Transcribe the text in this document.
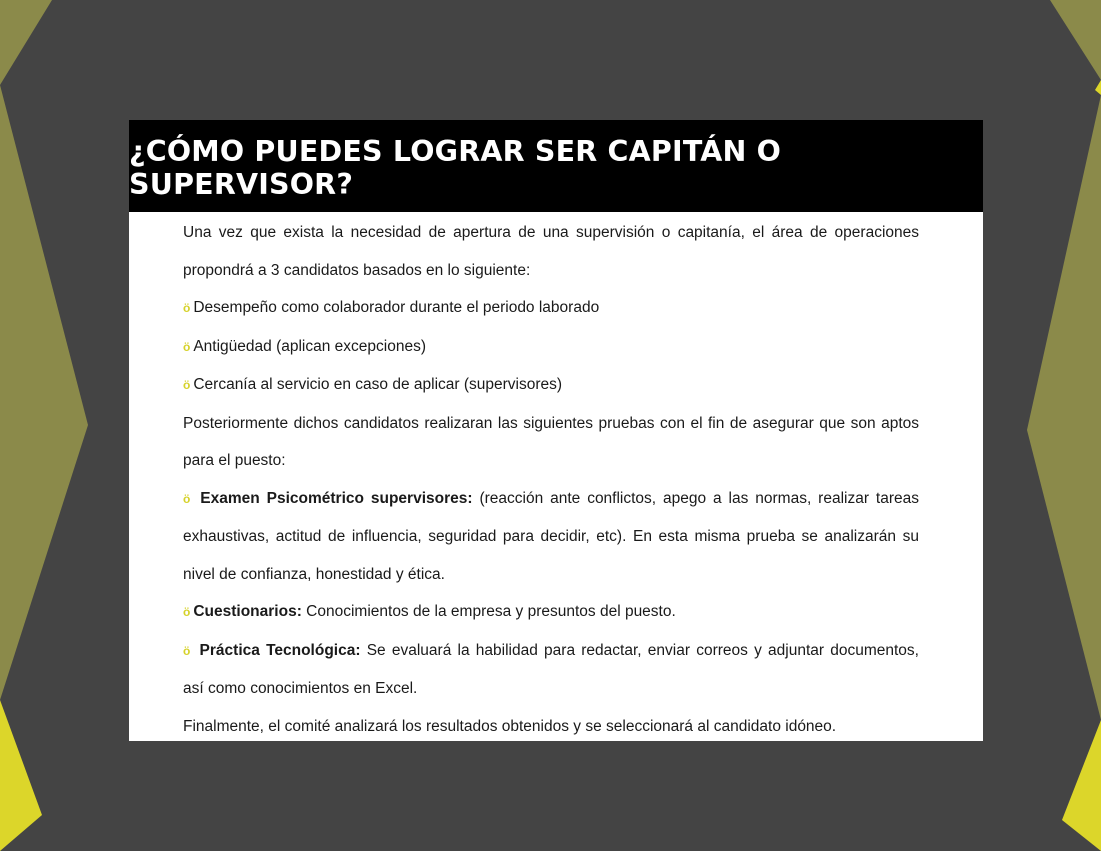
¿CÓMO PUEDES LOGRAR SER CAPITÁN O SUPERVISOR?

Una vez que exista la necesidad de apertura de una supervisión o capitanía, el área de operaciones propondrá a 3 candidatos basados en lo siguiente:

ö Desempeño como colaborador durante el periodo laborado

ö Antigüedad (aplican excepciones)

ö Cercanía al servicio en caso de aplicar (supervisores)

Posteriormente dichos candidatos realizaran las siguientes pruebas con el fin de asegurar que son aptos para el puesto:

ö Examen Psicométrico supervisores: (reacción ante conflictos, apego a las normas, realizar tareas exhaustivas, actitud de influencia, seguridad para decidir, etc). En esta misma prueba se analizarán su nivel de confianza, honestidad y ética.

ö Cuestionarios: Conocimientos de la empresa y presuntos del puesto.

ö Práctica Tecnológica: Se evaluará la habilidad para redactar, enviar correos y adjuntar documentos, así como conocimientos en Excel.

Finalmente, el comité analizará los resultados obtenidos y se seleccionará al candidato idóneo.
